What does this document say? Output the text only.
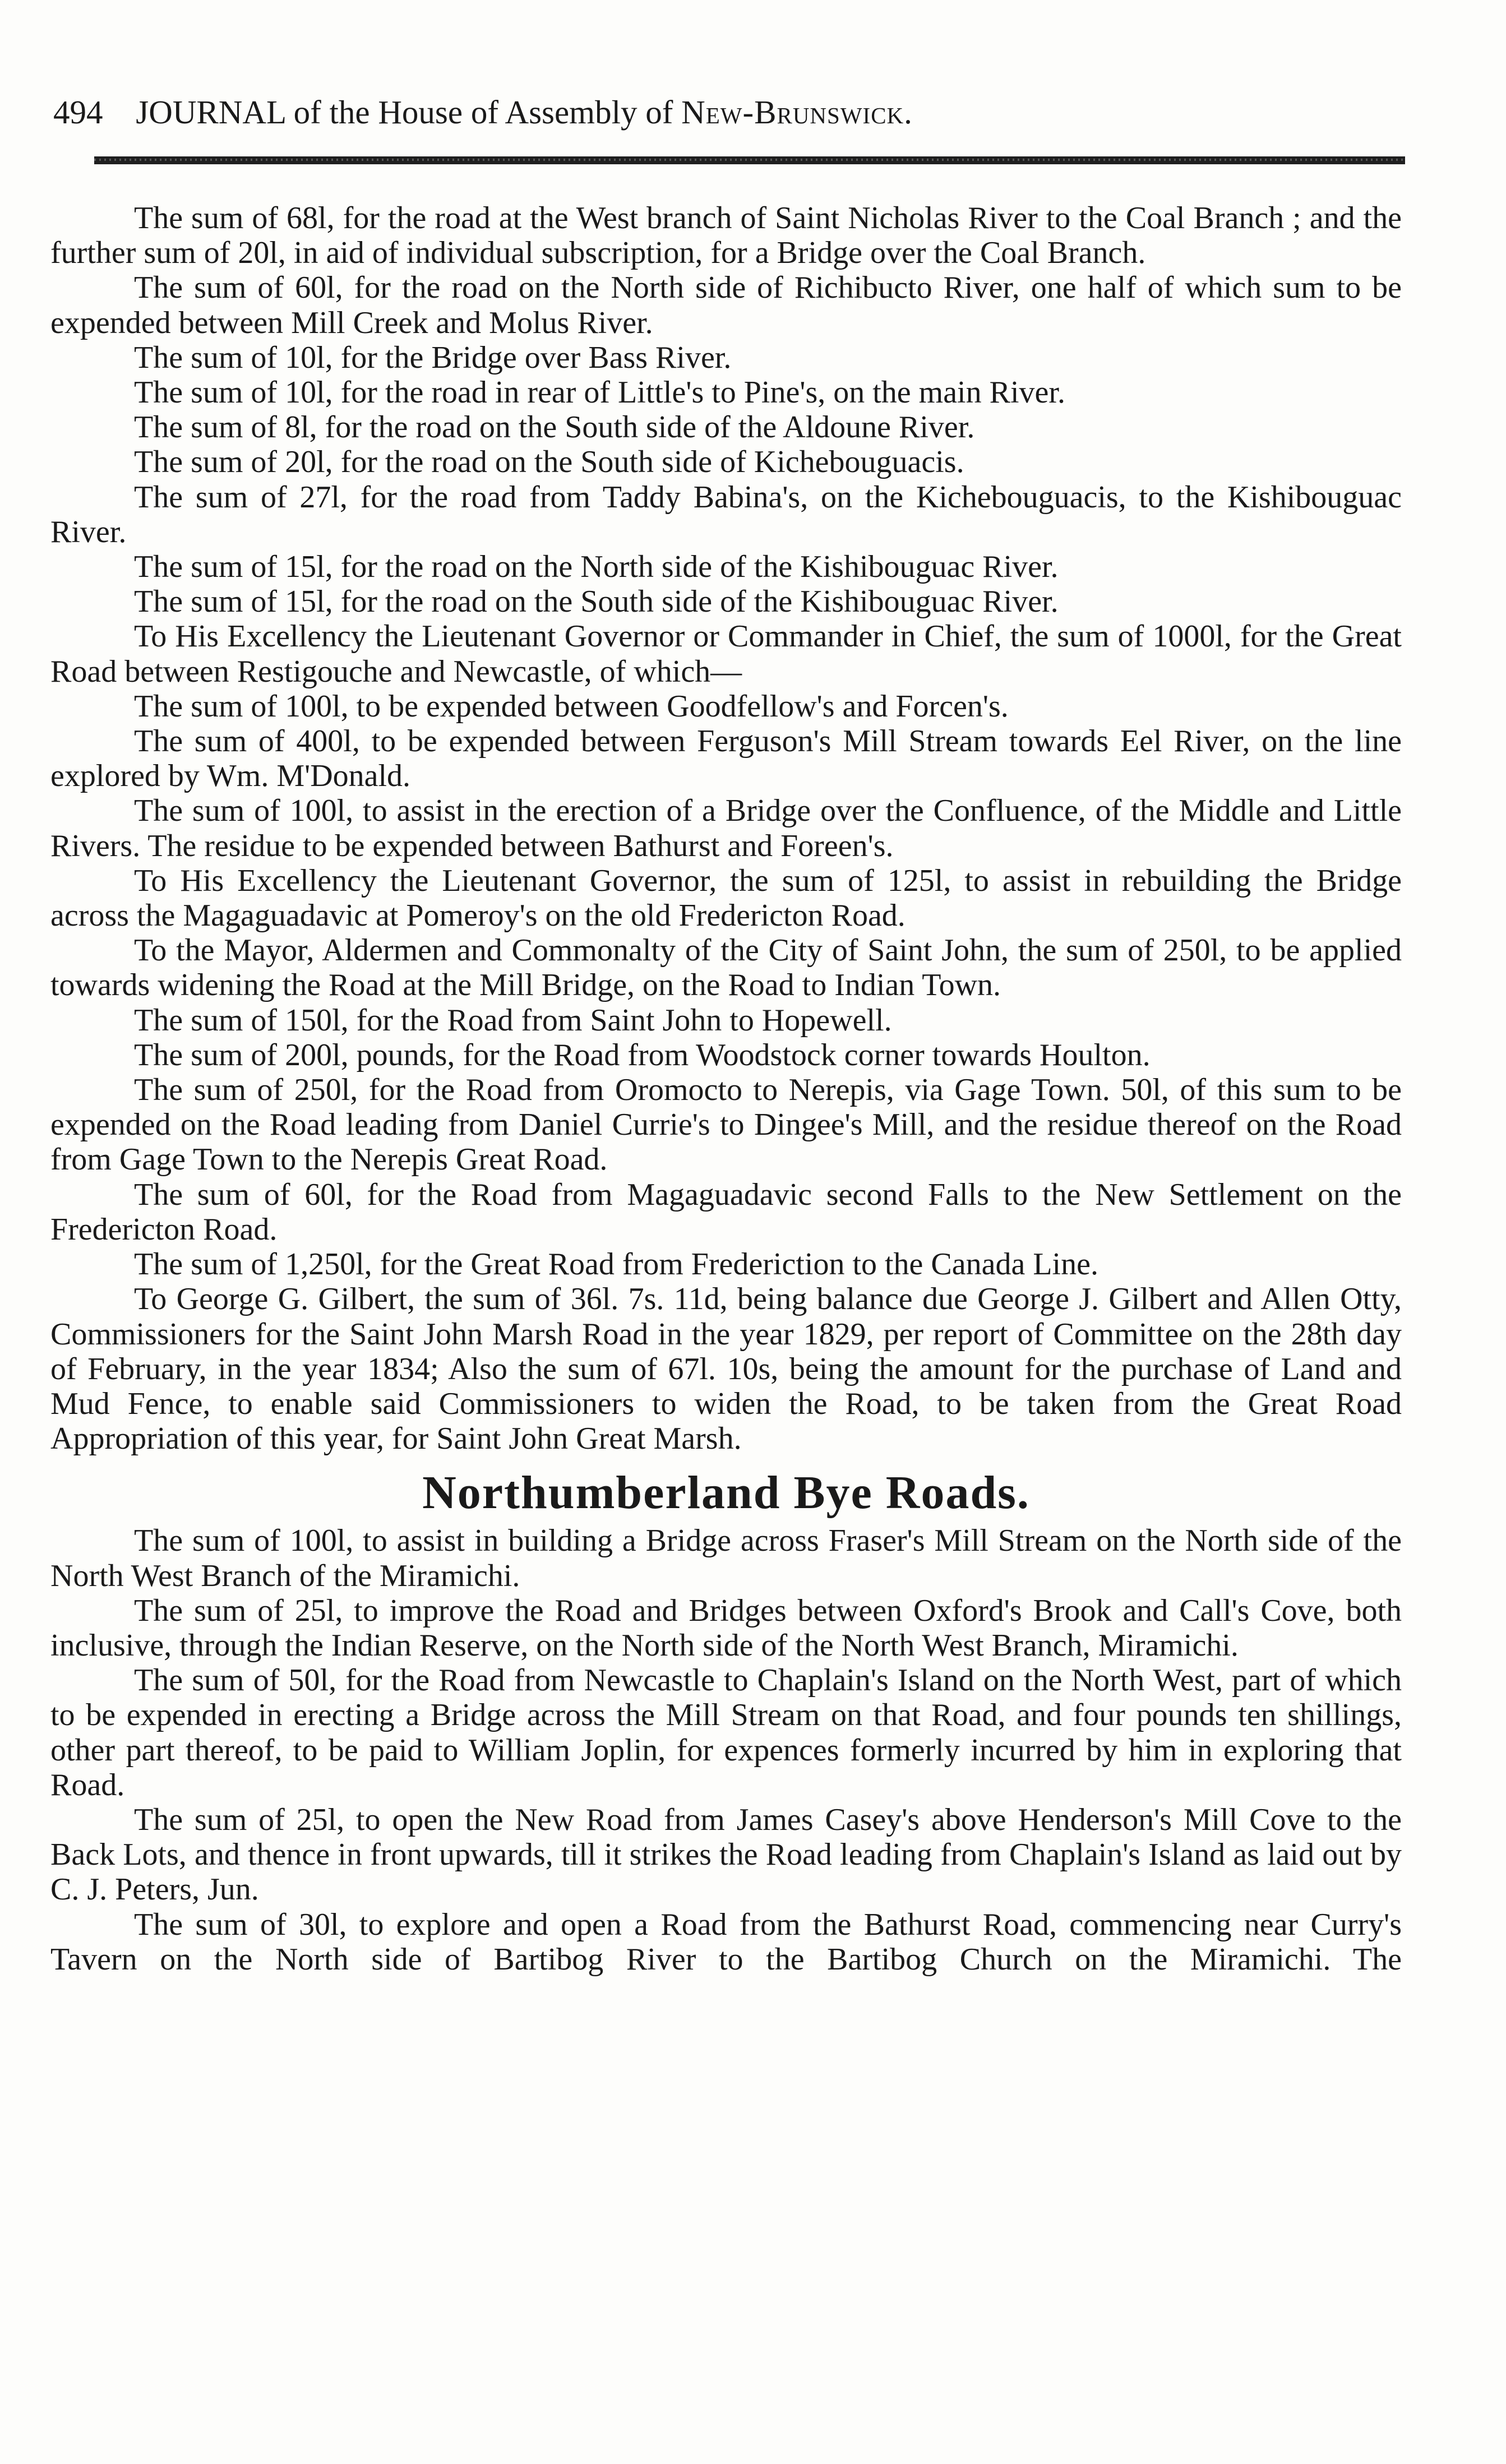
494 JOURNAL of the House of Assembly of New-Brunswick.

The sum of 68l, for the road at the West branch of Saint Nicholas River to the Coal Branch ; and the further sum of 20l, in aid of individual subscription, for a Bridge over the Coal Branch.

The sum of 60l, for the road on the North side of Richibucto River, one half of which sum to be expended between Mill Creek and Molus River.

The sum of 10l, for the Bridge over Bass River.

The sum of 10l, for the road in rear of Little's to Pine's, on the main River.

The sum of 8l, for the road on the South side of the Aldoune River.

The sum of 20l, for the road on the South side of Kichebouguacis.

The sum of 27l, for the road from Taddy Babina's, on the Kichebouguacis, to the Kishibouguac River.

The sum of 15l, for the road on the North side of the Kishibouguac River.

The sum of 15l, for the road on the South side of the Kishibouguac River.

To His Excellency the Lieutenant Governor or Commander in Chief, the sum of 1000l, for the Great Road between Restigouche and Newcastle, of which—

The sum of 100l, to be expended between Goodfellow's and Forcen's.

The sum of 400l, to be expended between Ferguson's Mill Stream towards Eel River, on the line explored by Wm. M'Donald.

The sum of 100l, to assist in the erection of a Bridge over the Confluence, of the Middle and Little Rivers. The residue to be expended between Bathurst and Foreen's.

To His Excellency the Lieutenant Governor, the sum of 125l, to assist in rebuilding the Bridge across the Magaguadavic at Pomeroy's on the old Fredericton Road.

To the Mayor, Aldermen and Commonalty of the City of Saint John, the sum of 250l, to be applied towards widening the Road at the Mill Bridge, on the Road to Indian Town.

The sum of 150l, for the Road from Saint John to Hopewell.

The sum of 200l, pounds, for the Road from Woodstock corner towards Houlton.

The sum of 250l, for the Road from Oromocto to Nerepis, via Gage Town. 50l, of this sum to be expended on the Road leading from Daniel Currie's to Dingee's Mill, and the residue thereof on the Road from Gage Town to the Nerepis Great Road.

The sum of 60l, for the Road from Magaguadavic second Falls to the New Settlement on the Fredericton Road.

The sum of 1,250l, for the Great Road from Frederiction to the Canada Line.

To George G. Gilbert, the sum of 36l. 7s. 11d, being balance due George J. Gilbert and Allen Otty, Commissioners for the Saint John Marsh Road in the year 1829, per report of Committee on the 28th day of February, in the year 1834; Also the sum of 67l. 10s, being the amount for the purchase of Land and Mud Fence, to enable said Commissioners to widen the Road, to be taken from the Great Road Appropriation of this year, for Saint John Great Marsh.

Northumberland Bye Roads.

The sum of 100l, to assist in building a Bridge across Fraser's Mill Stream on the North side of the North West Branch of the Miramichi.

The sum of 25l, to improve the Road and Bridges between Oxford's Brook and Call's Cove, both inclusive, through the Indian Reserve, on the North side of the North West Branch, Miramichi.

The sum of 50l, for the Road from Newcastle to Chaplain's Island on the North West, part of which to be expended in erecting a Bridge across the Mill Stream on that Road, and four pounds ten shillings, other part thereof, to be paid to William Joplin, for expences formerly incurred by him in exploring that Road.

The sum of 25l, to open the New Road from James Casey's above Henderson's Mill Cove to the Back Lots, and thence in front upwards, till it strikes the Road leading from Chaplain's Island as laid out by C. J. Peters, Jun.

The sum of 30l, to explore and open a Road from the Bathurst Road, commencing near Curry's Tavern on the North side of Bartibog River to the Bartibog Church on the Miramichi. The
